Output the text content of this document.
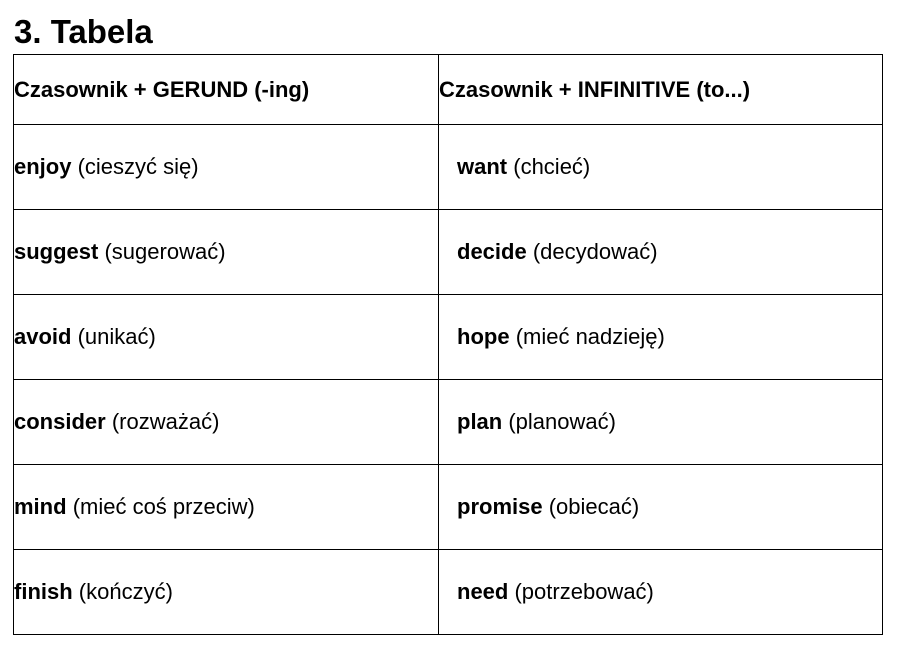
3. Tabela
Czasownik + GERUND (-ing)	Czasownik + INFINITIVE (to...)
enjoy (cieszyć się)	want (chcieć)
suggest (sugerować)	decide (decydować)
avoid (unikać)	hope (mieć nadzieję)
consider (rozważać)	plan (planować)
mind (mieć coś przeciw)	promise (obiecać)
finish (kończyć)	need (potrzebować)
